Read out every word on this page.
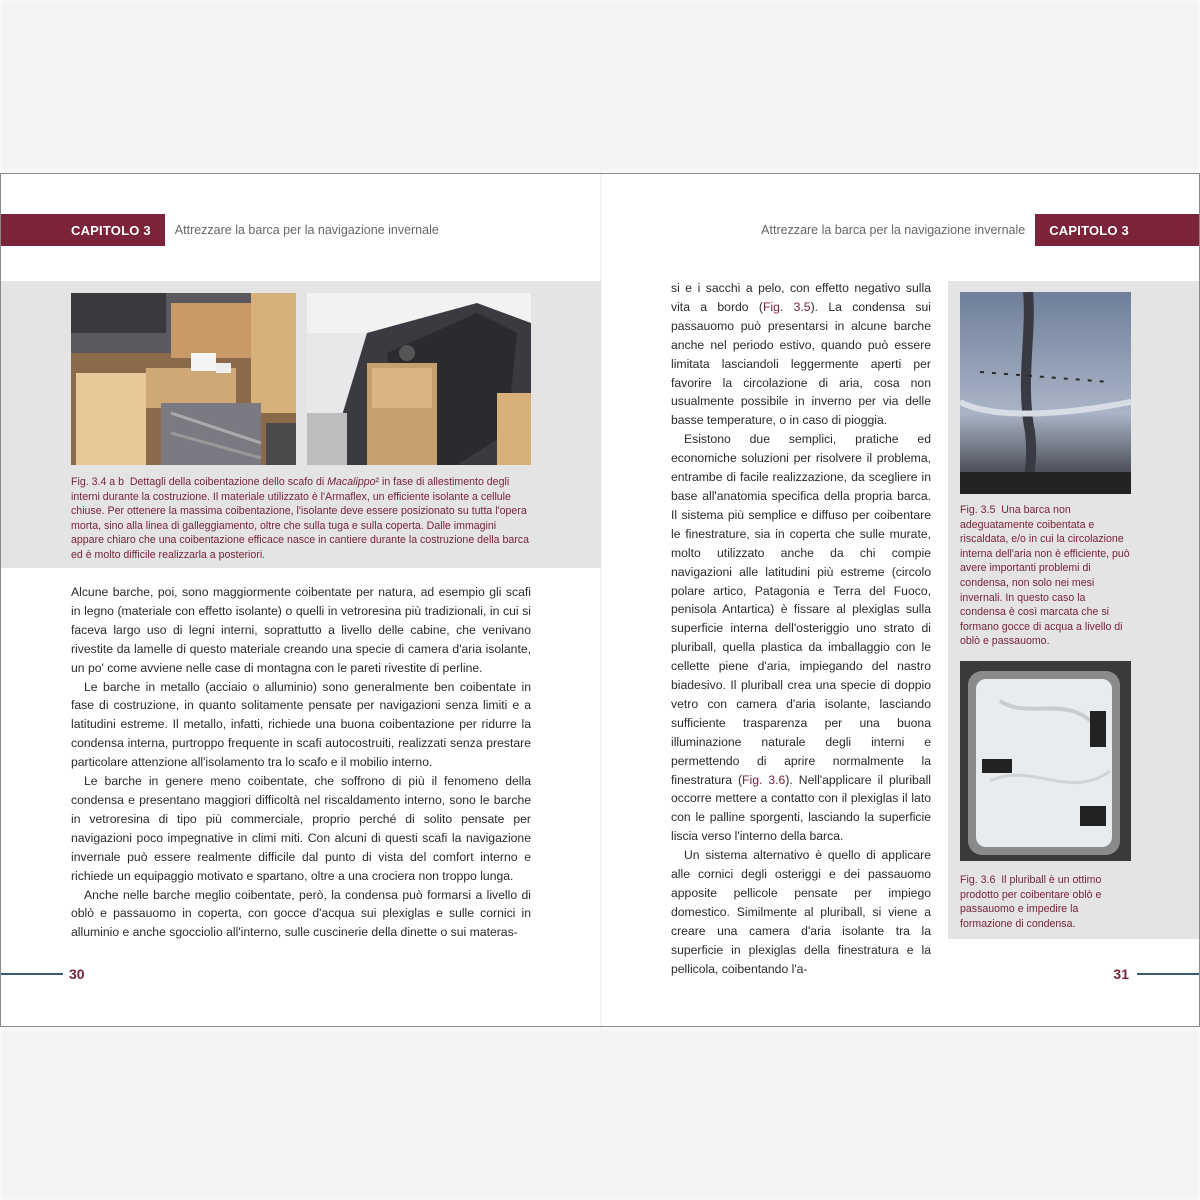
CAPITOLO 3	Attrezzare la barca per la navigazione invernale
Fig. 3.4 a b Dettagli della coibentazione dello scafo di Macalippo² in fase di allestimento degli interni durante la costruzione. Il materiale utilizzato è l'Armaflex, un efficiente isolante a cellule chiuse. Per ottenere la massima coibentazione, l'isolante deve essere posizionato su tutta l'opera morta, sino alla linea di galleggiamento, oltre che sulla tuga e sulla coperta. Dalle immagini appare chiaro che una coibentazione efficace nasce in cantiere durante la costruzione della barca ed è molto difficile realizzarla a posteriori.

Alcune barche, poi, sono maggiormente coibentate per natura, ad esempio gli scafi in legno (materiale con effetto isolante) o quelli in vetroresina più tradizionali, in cui si faceva largo uso di legni interni, soprattutto a livello delle cabine, che venivano rivestite da lamelle di questo materiale creando una specie di camera d'aria isolante, un po' come avviene nelle case di montagna con le pareti rivestite di perline.

Le barche in metallo (acciaio o alluminio) sono generalmente ben coibentate in fase di costruzione, in quanto solitamente pensate per navigazioni senza limiti e a latitudini estreme. Il metallo, infatti, richiede una buona coibentazione per ridurre la condensa interna, purtroppo frequente in scafi autocostruiti, realizzati senza prestare particolare attenzione all'isolamento tra lo scafo e il mobilio interno.

Le barche in genere meno coibentate, che soffrono di più il fenomeno della condensa e presentano maggiori difficoltà nel riscaldamento interno, sono le barche in vetroresina di tipo più commerciale, proprio perché di solito pensate per navigazioni poco impegnative in climi miti. Con alcuni di questi scafi la navigazione invernale può essere realmente difficile dal punto di vista del comfort interno e richiede un equipaggio motivato e spartano, oltre a una crociera non troppo lunga.

Anche nelle barche meglio coibentate, però, la condensa può formarsi a livello di oblò e passauomo in coperta, con gocce d'acqua sui plexiglas e sulle cornici in alluminio e anche sgocciolio all'interno, sulle cuscinerie della dinette o sui materas-

30
Attrezzare la barca per la navigazione invernale	CAPITOLO 3

si e i sacchi a pelo, con effetto negativo sulla vita a bordo (Fig. 3.5). La condensa sui passauomo può presentarsi in alcune barche anche nel periodo estivo, quando può essere limitata lasciandoli leggermente aperti per favorire la circolazione di aria, cosa non usualmente possibile in inverno per via delle basse temperature, o in caso di pioggia.

Esistono due semplici, pratiche ed economiche soluzioni per risolvere il problema, entrambe di facile realizzazione, da scegliere in base all'anatomia specifica della propria barca. Il sistema più semplice e diffuso per coibentare le finestrature, sia in coperta che sulle murate, molto utilizzato anche da chi compie navigazioni alle latitudini più estreme (circolo polare artico, Patagonia e Terra del Fuoco, penisola Antartica) è fissare al plexiglas sulla superficie interna dell'osteriggio uno strato di pluriball, quella plastica da imballaggio con le cellette piene d'aria, impiegando del nastro biadesivo. Il pluriball crea una specie di doppio vetro con camera d'aria isolante, lasciando sufficiente trasparenza per una buona illuminazione naturale degli interni e permettendo di aprire normalmente la finestratura (Fig. 3.6). Nell'applicare il pluriball occorre mettere a contatto con il plexiglas il lato con le palline sporgenti, lasciando la superficie liscia verso l'interno della barca.

Un sistema alternativo è quello di applicare alle cornici degli osteriggi e dei passauomo apposite pellicole pensate per impiego domestico. Similmente al pluriball, si viene a creare una camera d'aria isolante tra la superficie in plexiglas della finestratura e la pellicola, coibentando l'a-

Fig. 3.5 Una barca non adeguatamente coibentata e riscaldata, e/o in cui la circolazione interna dell'aria non è efficiente, può avere importanti problemi di condensa, non solo nei mesi invernali. In questo caso la condensa è così marcata che si formano gocce di acqua a livello di oblò e passauomo.
Fig. 3.6 Il pluriball è un ottimo prodotto per coibentare oblò e passauomo e impedire la formazione di condensa.
31
